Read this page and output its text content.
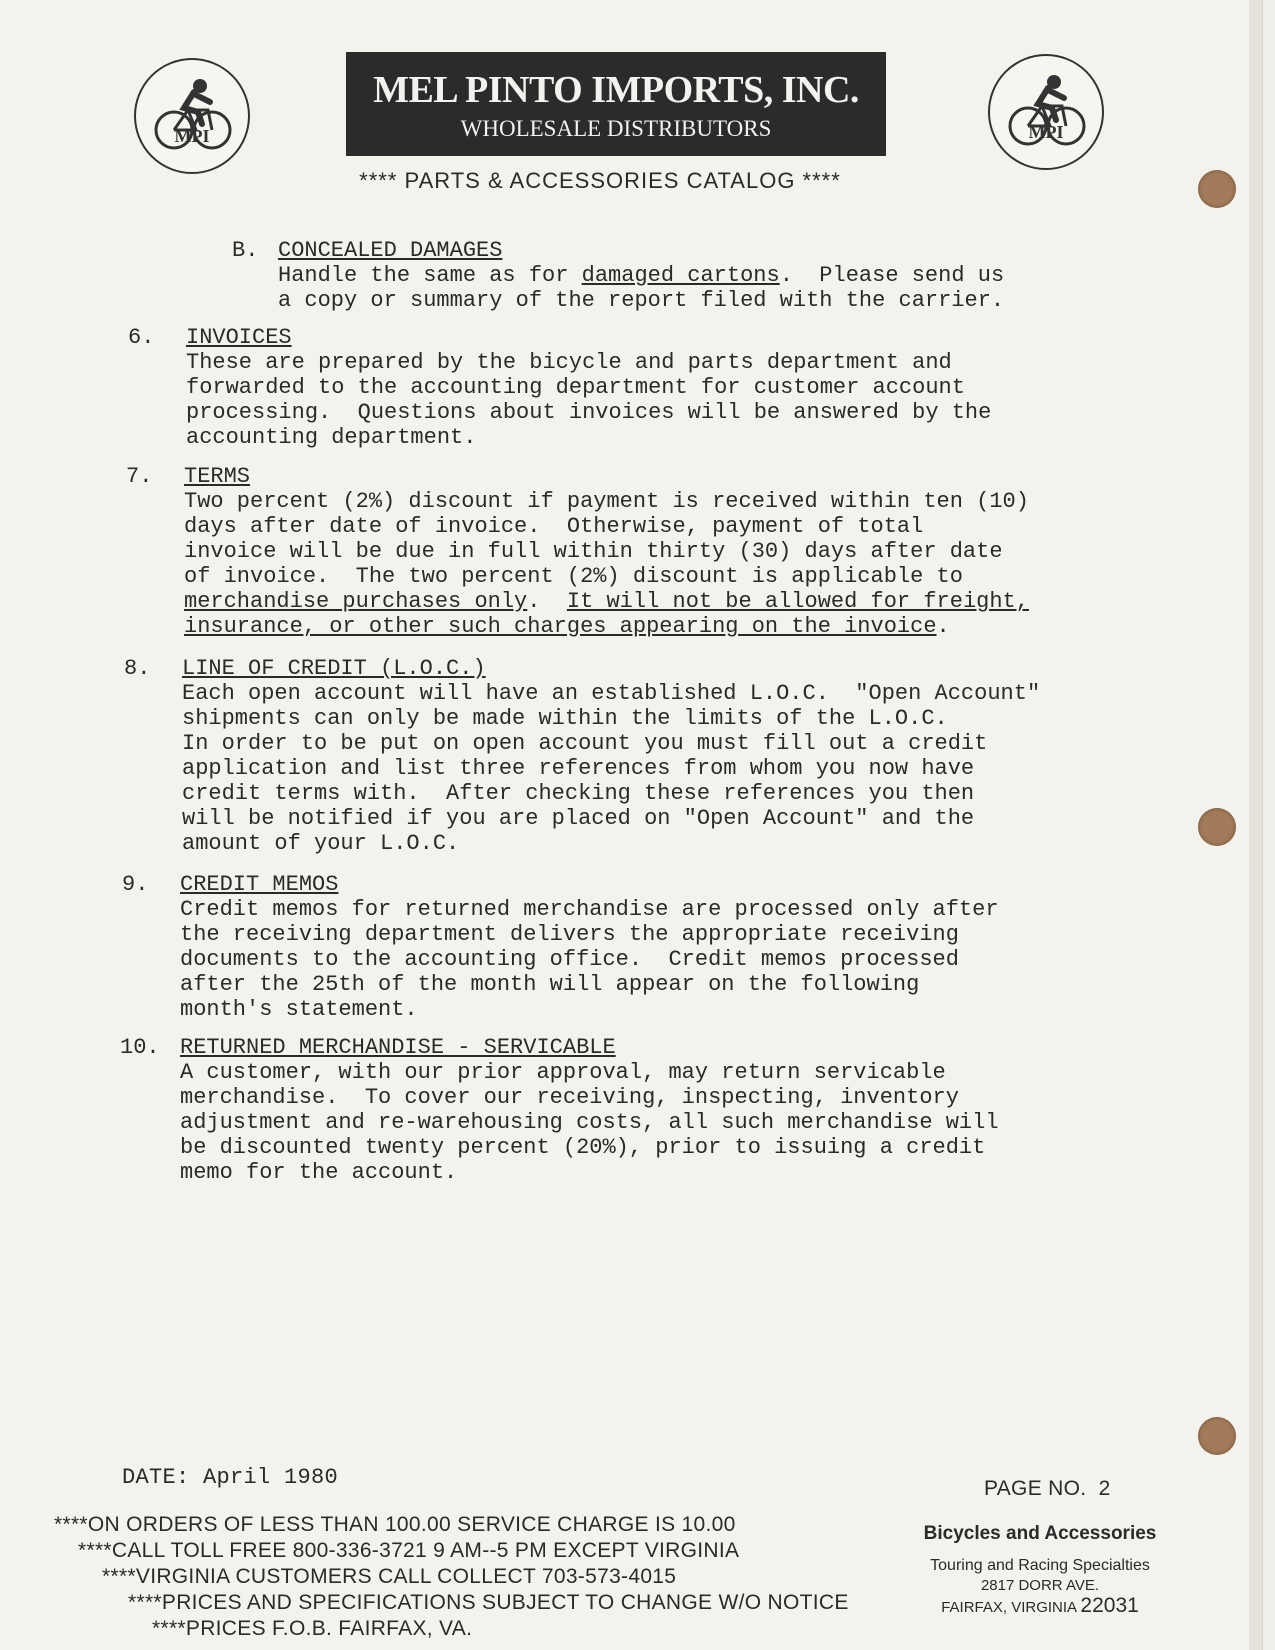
MPI	MPI
MEL PINTO IMPORTS, INC.
WHOLESALE DISTRIBUTORS
**** PARTS & ACCESSORIES CATALOG ****
B. CONCEALED DAMAGES
Handle the same as for damaged cartons.  Please send us
a copy or summary of the report filed with the carrier.
6. INVOICES
These are prepared by the bicycle and parts department and
forwarded to the accounting department for customer account
processing.  Questions about invoices will be answered by the
accounting department.
7. TERMS
Two percent (2%) discount if payment is received within ten (10)
days after date of invoice.  Otherwise, payment of total
invoice will be due in full within thirty (30) days after date
of invoice.  The two percent (2%) discount is applicable to
merchandise purchases only.  It will not be allowed for freight,
insurance, or other such charges appearing on the invoice.
8. LINE OF CREDIT (L.O.C.)
Each open account will have an established L.O.C.  "Open Account"
shipments can only be made within the limits of the L.O.C.
In order to be put on open account you must fill out a credit
application and list three references from whom you now have
credit terms with.  After checking these references you then
will be notified if you are placed on "Open Account" and the
amount of your L.O.C.
9. CREDIT MEMOS
Credit memos for returned merchandise are processed only after
the receiving department delivers the appropriate receiving
documents to the accounting office.  Credit memos processed
after the 25th of the month will appear on the following
month's statement.
10. RETURNED MERCHANDISE - SERVICABLE
A customer, with our prior approval, may return servicable
merchandise.  To cover our receiving, inspecting, inventory
adjustment and re-warehousing costs, all such merchandise will
be discounted twenty percent (20%), prior to issuing a credit
memo for the account.
DATE: April 1980	PAGE NO. 2
****ON ORDERS OF LESS THAN 100.00 SERVICE CHARGE IS 10.00
****CALL TOLL FREE 800-336-3721 9 AM--5 PM EXCEPT VIRGINIA
****VIRGINIA CUSTOMERS CALL COLLECT 703-573-4015
****PRICES AND SPECIFICATIONS SUBJECT TO CHANGE W/O NOTICE
****PRICES F.O.B. FAIRFAX, VA.
Bicycles and Accessories
Touring and Racing Specialties
2817 DORR AVE.
FAIRFAX, VIRGINIA 22031
